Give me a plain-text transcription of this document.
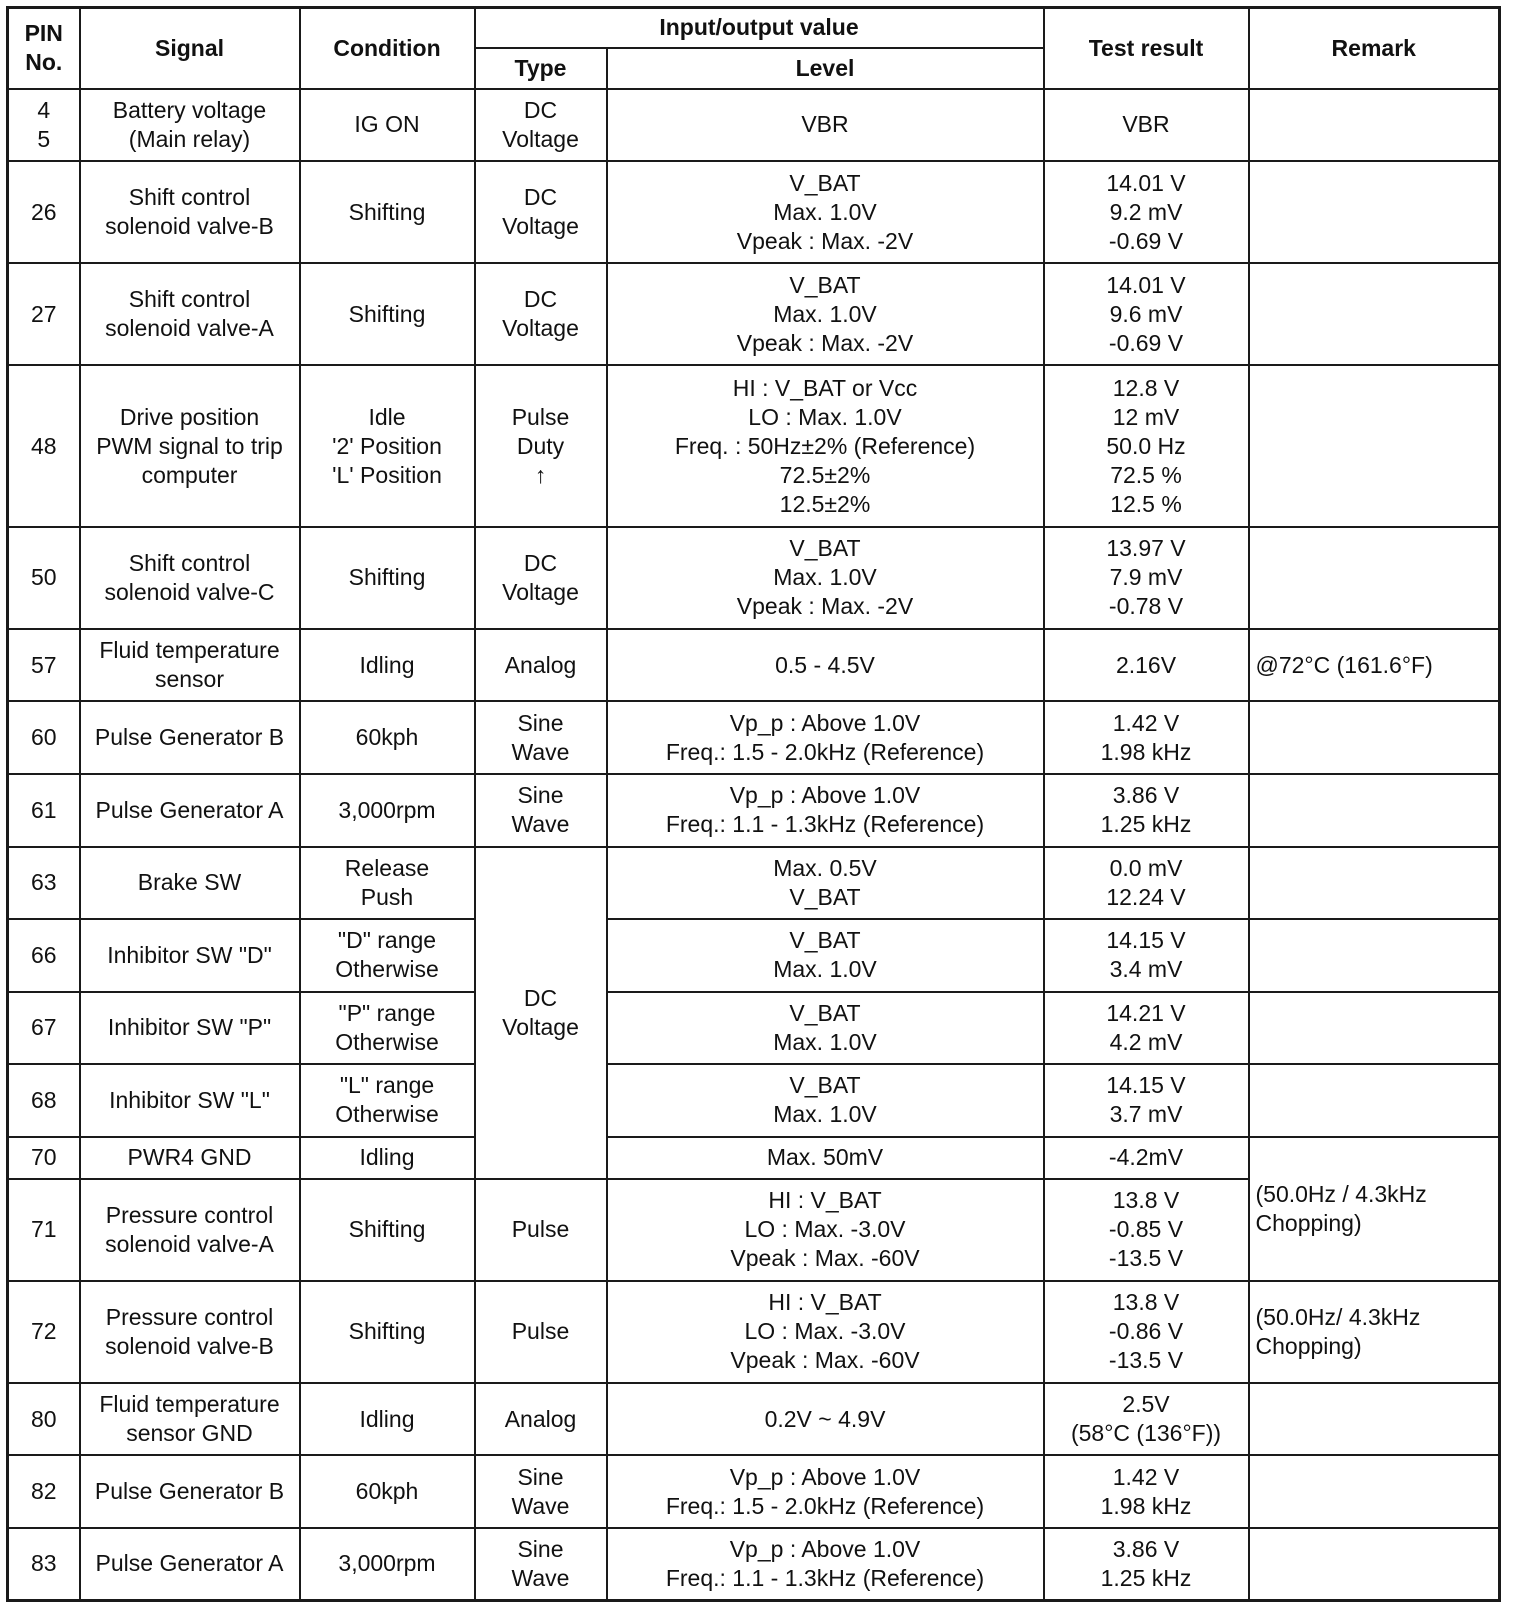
PIN
No.	Signal	Condition	Input/output value		Test result	Remark
			Type	Level		
4
5	Battery voltage
(Main relay)	IG ON	DC
Voltage	VBR	VBR	
26	Shift control
solenoid valve-B	Shifting	DC
Voltage	V_BAT
Max. 1.0V
Vpeak : Max. -2V	14.01 V
9.2 mV
-0.69 V	
27	Shift control
solenoid valve-A	Shifting	DC
Voltage	V_BAT
Max. 1.0V
Vpeak : Max. -2V	14.01 V
9.6 mV
-0.69 V	
48	Drive position
PWM signal to trip
computer	Idle
'2' Position
'L' Position	Pulse
Duty
↑	HI : V_BAT or Vcc
LO : Max. 1.0V
Freq. : 50Hz±2% (Reference)
72.5±2%
12.5±2%	12.8 V
12 mV
50.0 Hz
72.5 %
12.5 %	
50	Shift control
solenoid valve-C	Shifting	DC
Voltage	V_BAT
Max. 1.0V
Vpeak : Max. -2V	13.97 V
7.9 mV
-0.78 V	
57	Fluid temperature
sensor	Idling	Analog	0.5 - 4.5V	2.16V	@72°C (161.6°F)
60	Pulse Generator B	60kph	Sine
Wave	Vp_p : Above 1.0V
Freq.: 1.5 - 2.0kHz (Reference)	1.42 V
1.98 kHz	
61	Pulse Generator A	3,000rpm	Sine
Wave	Vp_p : Above 1.0V
Freq.: 1.1 - 1.3kHz (Reference)	3.86 V
1.25 kHz	
63	Brake SW	Release
Push	DC
Voltage	Max. 0.5V
V_BAT	0.0 mV
12.24 V	
66	Inhibitor SW "D"	"D" range
Otherwise		V_BAT
Max. 1.0V	14.15 V
3.4 mV	
67	Inhibitor SW "P"	"P" range
Otherwise		V_BAT
Max. 1.0V	14.21 V
4.2 mV	
68	Inhibitor SW "L"	"L" range
Otherwise		V_BAT
Max. 1.0V	14.15 V
3.7 mV	
70	PWR4 GND	Idling		Max. 50mV	-4.2mV	(50.0Hz / 4.3kHz
Chopping)
71	Pressure control
solenoid valve-A	Shifting	Pulse	HI : V_BAT
LO : Max. -3.0V
Vpeak : Max. -60V	13.8 V
-0.85 V
-13.5 V	
72	Pressure control
solenoid valve-B	Shifting	Pulse	HI : V_BAT
LO : Max. -3.0V
Vpeak : Max. -60V	13.8 V
-0.86 V
-13.5 V	(50.0Hz/ 4.3kHz
Chopping)
80	Fluid temperature
sensor GND	Idling	Analog	0.2V ~ 4.9V	2.5V
(58°C (136°F))	
82	Pulse Generator B	60kph	Sine
Wave	Vp_p : Above 1.0V
Freq.: 1.5 - 2.0kHz (Reference)	1.42 V
1.98 kHz	
83	Pulse Generator A	3,000rpm	Sine
Wave	Vp_p : Above 1.0V
Freq.: 1.1 - 1.3kHz (Reference)	3.86 V
1.25 kHz	
